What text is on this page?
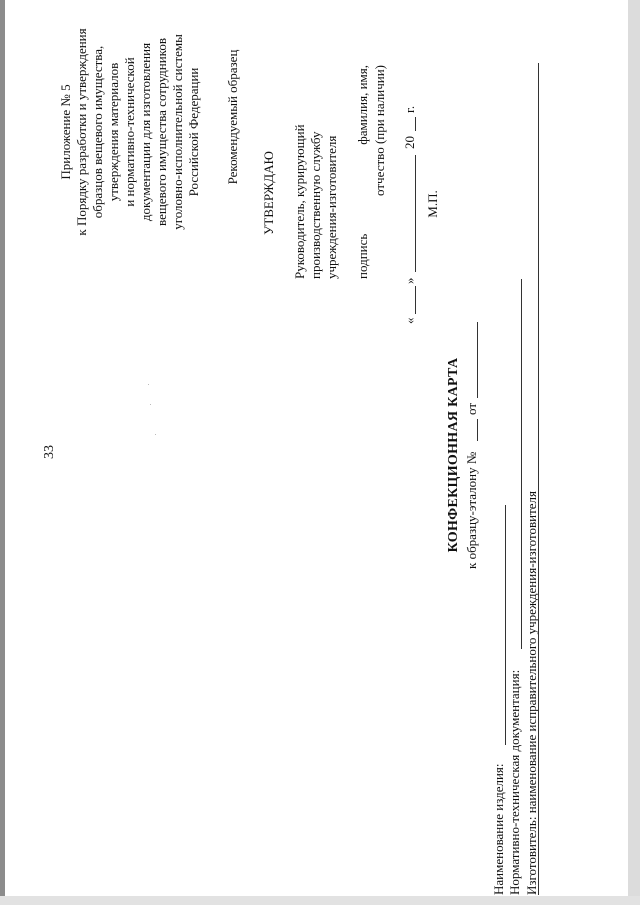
33
Приложение № 5 к Порядку разработки и утверждения образцов вещевого имущества, утверждения материалов и нормативно-технической документации для изготовления вещевого имущества сотрудников уголовно-исполнительной системы Российской Федерации Рекомендуемый образец
УТВЕРЖДАЮ Руководитель, курирующий производственную службу учреждения-изготовителя подпись
фамилия, имя, отчество (при наличии)
«
»
20
г.
М.П.
КОНФЕКЦИОННАЯ КАРТА к образцу-эталону №
от
Наименование изделия: Нормативно-техническая документация: Изготовитель: наименование исправительного учреждения-изготовителя
